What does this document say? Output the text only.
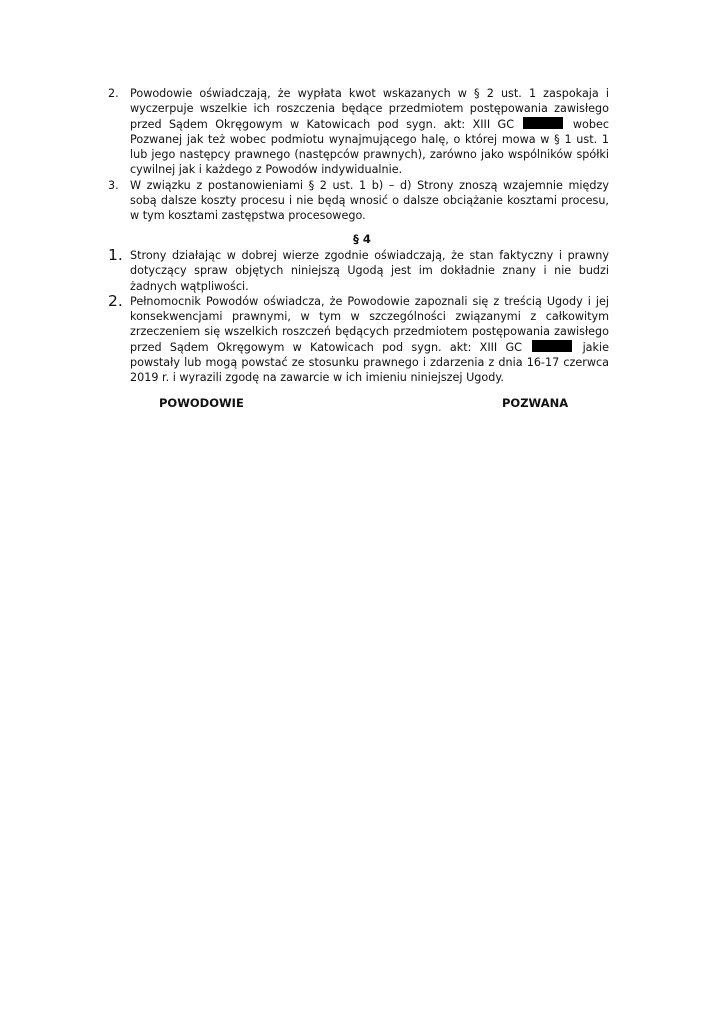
2. Powodowie oświadczają, że wypłata kwot wskazanych w § 2 ust. 1 zaspokaja i wyczerpuje wszelkie ich roszczenia będące przedmiotem postępowania zawisłego przed Sądem Okręgowym w Katowicach pod sygn. akt: XIII GC	wobec Pozwanej jak też wobec podmiotu wynajmującego halę, o której mowa w § 1 ust. 1 lub jego następcy prawnego (następców prawnych), zarówno jako wspólników spółki cywilnej jak i każdego z Powodów indywidualnie.
3. W związku z postanowieniami § 2 ust. 1 b) – d) Strony znoszą wzajemnie między sobą dalsze koszty procesu i nie będą wnosić o dalsze obciążanie kosztami procesu, w tym kosztami zastępstwa procesowego.
§ 4
1. Strony działając w dobrej wierze zgodnie oświadczają, że stan faktyczny i prawny dotyczący spraw objętych niniejszą Ugodą jest im dokładnie znany i nie budzi żadnych wątpliwości.
2. Pełnomocnik Powodów oświadcza, że Powodowie zapoznali się z treścią Ugody i jej konsekwencjami prawnymi, w tym w szczególności związanymi z całkowitym zrzeczeniem się wszelkich roszczeń będących przedmiotem postępowania zawisłego przed Sądem Okręgowym w Katowicach pod sygn. akt: XIII GC	jakie powstały lub mogą powstać ze stosunku prawnego i zdarzenia z dnia 16-17 czerwca 2019 r. i wyrazili zgodę na zawarcie w ich imieniu niniejszej Ugody.
POWODOWIE	POZWANA
